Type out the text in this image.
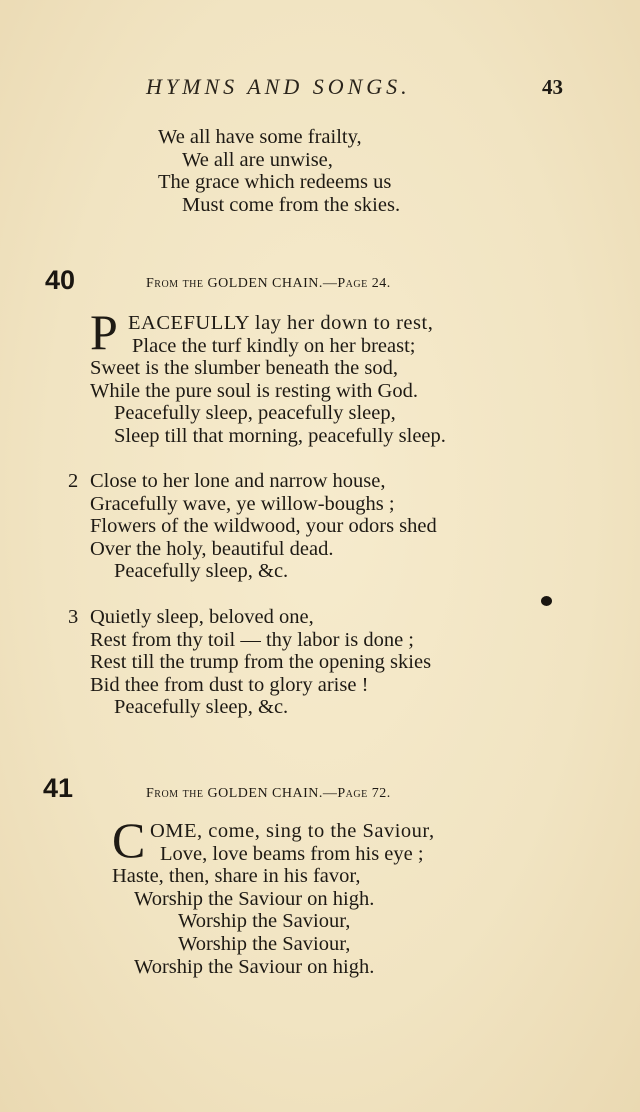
HYMNS AND SONGS.	43
We all have some frailty,
We all are unwise,
The grace which redeems us
Must come from the skies.
40	From the GOLDEN CHAIN.—Page 24.
P EACEFULLY lay her down to rest,
Place the turf kindly on her breast;
Sweet is the slumber beneath the sod,
While the pure soul is resting with God.
Peacefully sleep, peacefully sleep,
Sleep till that morning, peacefully sleep.
2 Close to her lone and narrow house,
Gracefully wave, ye willow-boughs ;
Flowers of the wildwood, your odors shed
Over the holy, beautiful dead.
Peacefully sleep, &c.
3 Quietly sleep, beloved one,
Rest from thy toil — thy labor is done ;
Rest till the trump from the opening skies
Bid thee from dust to glory arise !
Peacefully sleep, &c.
41	From the GOLDEN CHAIN.—Page 72.
C OME, come, sing to the Saviour,
Love, love beams from his eye ;
Haste, then, share in his favor,
Worship the Saviour on high.
Worship the Saviour,
Worship the Saviour,
Worship the Saviour on high.
